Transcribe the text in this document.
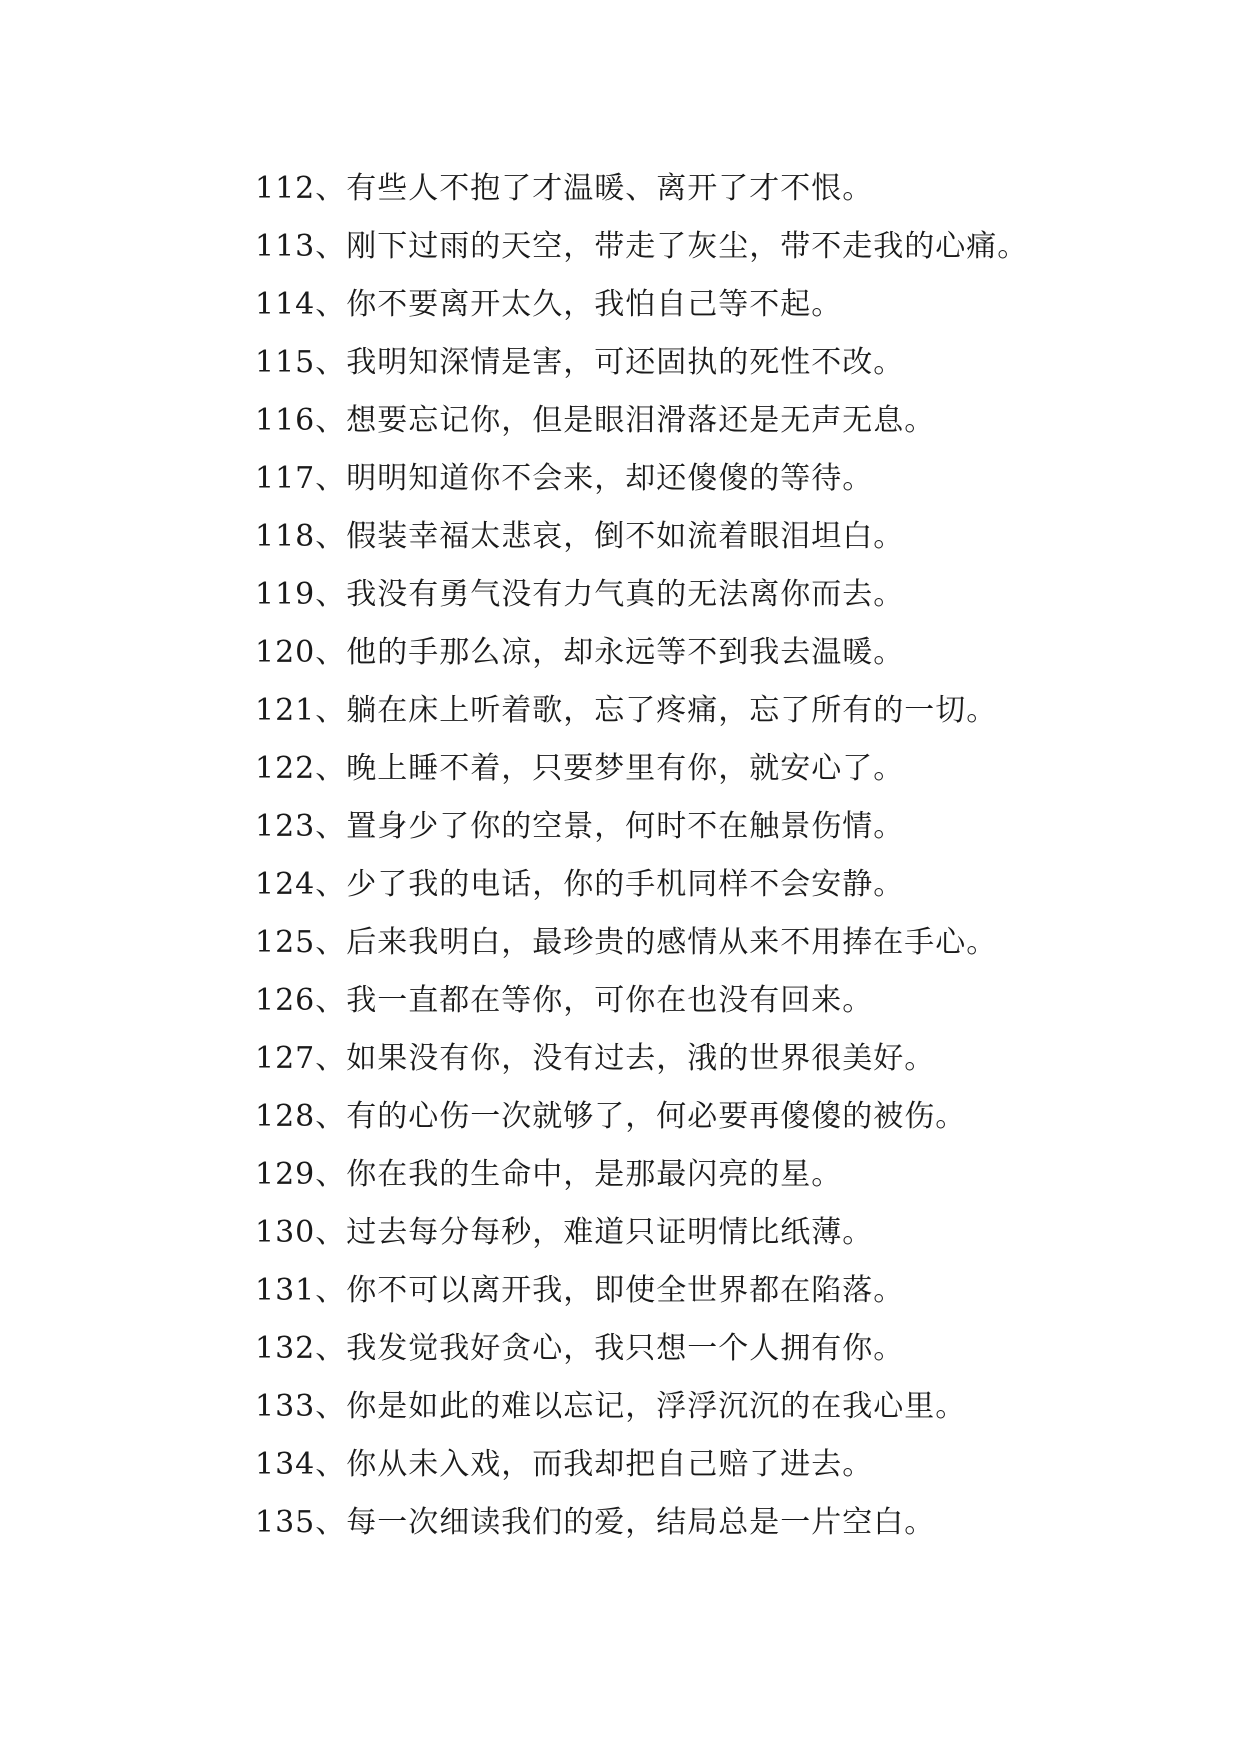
112、有些人不抱了才温暖、离开了才不恨。
113、刚下过雨的天空，带走了灰尘，带不走我的心痛。
114、你不要离开太久，我怕自己等不起。
115、我明知深情是害，可还固执的死性不改。
116、想要忘记你，但是眼泪滑落还是无声无息。
117、明明知道你不会来，却还傻傻的等待。
118、假装幸福太悲哀，倒不如流着眼泪坦白。
119、我没有勇气没有力气真的无法离你而去。
120、他的手那么凉，却永远等不到我去温暖。
121、躺在床上听着歌，忘了疼痛，忘了所有的一切。
122、晚上睡不着，只要梦里有你，就安心了。
123、置身少了你的空景，何时不在触景伤情。
124、少了我的电话，你的手机同样不会安静。
125、后来我明白，最珍贵的感情从来不用捧在手心。
126、我一直都在等你，可你在也没有回来。
127、如果没有你，没有过去，涐的世界很美好。
128、有的心伤一次就够了，何必要再傻傻的被伤。
129、你在我的生命中，是那最闪亮的星。
130、过去每分每秒，难道只证明情比纸薄。
131、你不可以离开我，即使全世界都在陷落。
132、我发觉我好贪心，我只想一个人拥有你。
133、你是如此的难以忘记，浮浮沉沉的在我心里。
134、你从未入戏，而我却把自己赔了进去。
135、每一次细读我们的爱，结局总是一片空白。
